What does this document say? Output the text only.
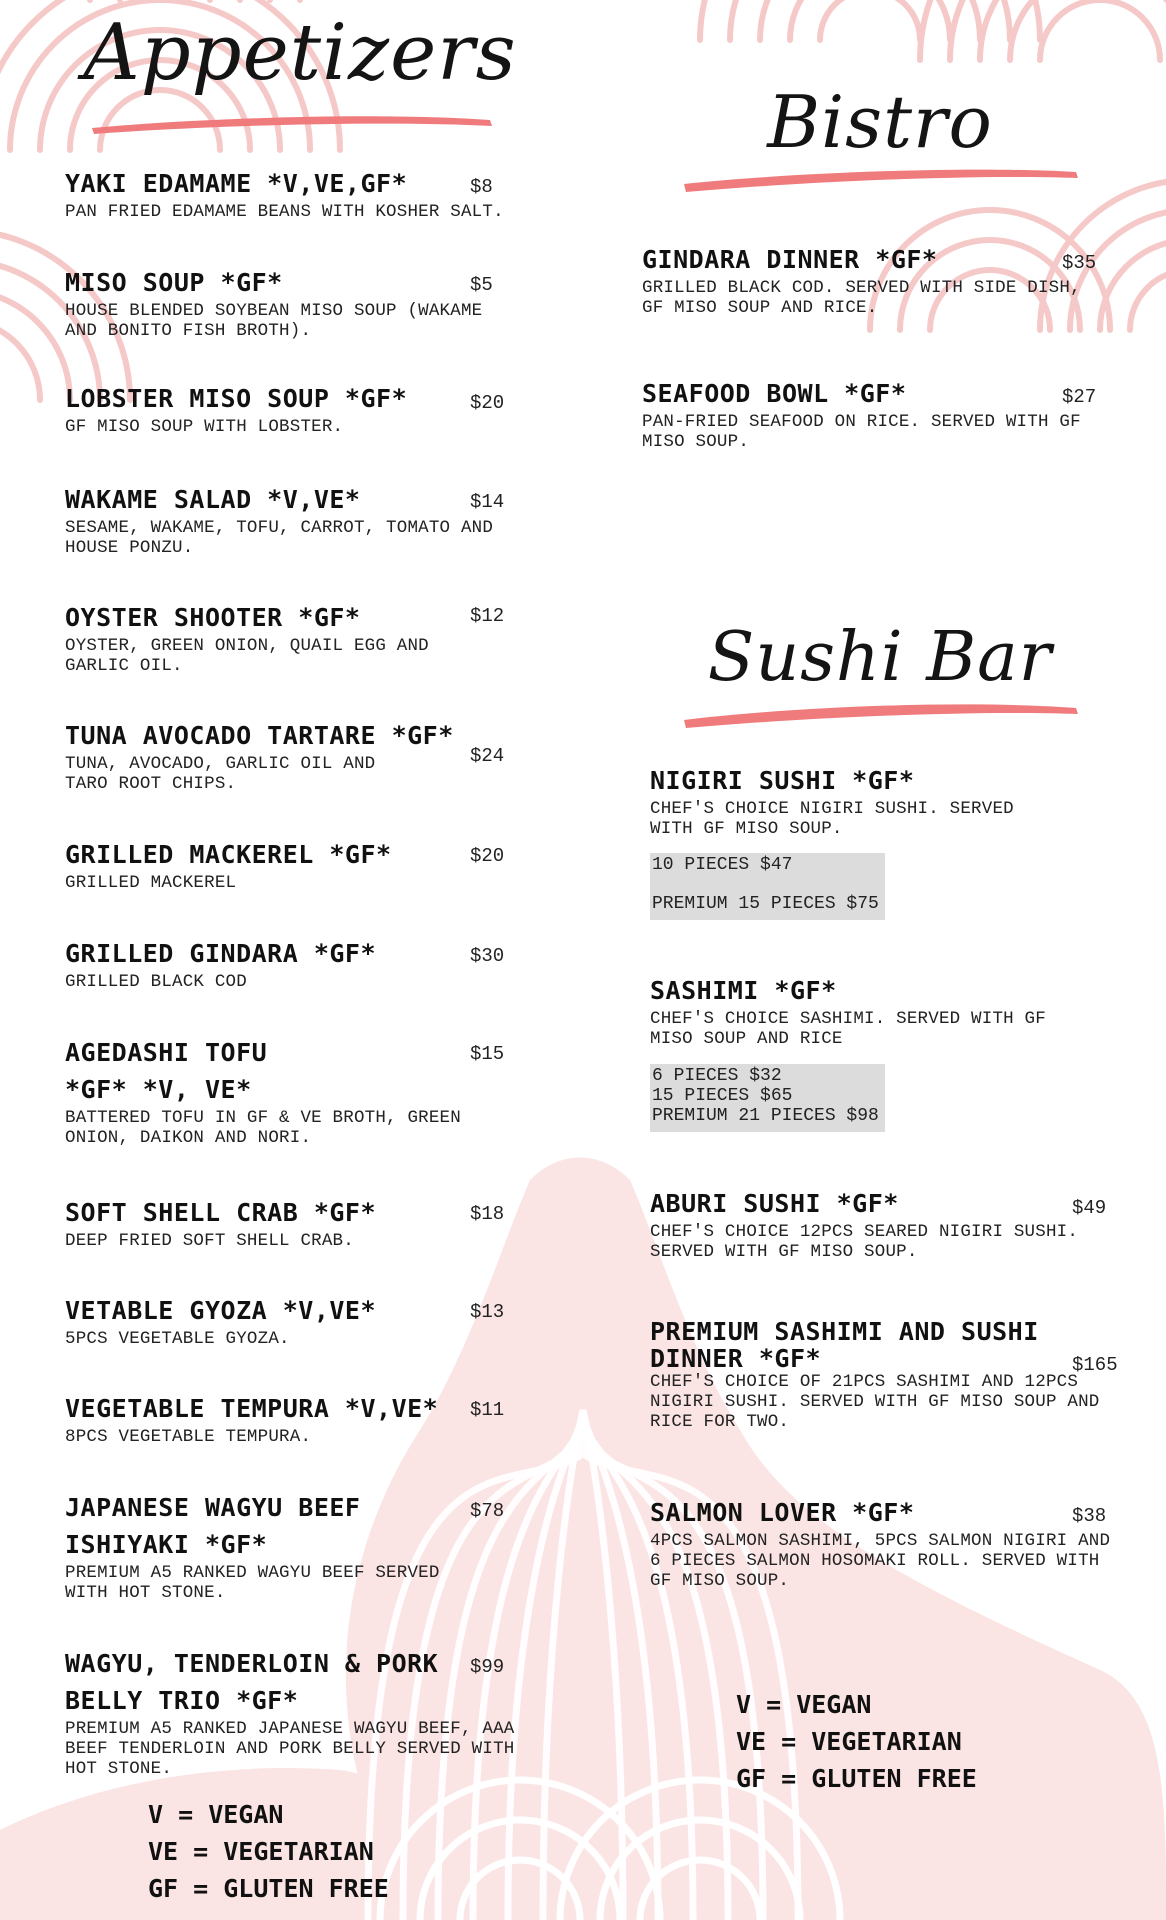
Appetizers
Bistro
Sushi Bar
YAKI EDAMAME *V,VE,GF*
PAN FRIED EDAMAME BEANS WITH KOSHER SALT.
$8
MISO SOUP *GF*
HOUSE BLENDED SOYBEAN MISO SOUP (WAKAME
AND BONITO FISH BROTH).
$5
LOBSTER MISO SOUP *GF*
GF MISO SOUP WITH LOBSTER.
$20
WAKAME SALAD *V,VE*
SESAME, WAKAME, TOFU, CARROT, TOMATO AND
HOUSE PONZU.
$14
OYSTER SHOOTER *GF*
OYSTER, GREEN ONION, QUAIL EGG AND
GARLIC OIL.
$12
TUNA AVOCADO TARTARE *GF*
TUNA, AVOCADO, GARLIC OIL AND
TARO ROOT CHIPS.
$24
GRILLED MACKEREL *GF*
GRILLED MACKEREL
$20
GRILLED GINDARA *GF*
GRILLED BLACK COD
$30
AGEDASHI TOFU
*GF* *V, VE*
BATTERED TOFU IN GF & VE BROTH, GREEN
ONION, DAIKON AND NORI.
$15
SOFT SHELL CRAB *GF*
DEEP FRIED SOFT SHELL CRAB.
$18
VETABLE GYOZA *V,VE*
5PCS VEGETABLE GYOZA.
$13
VEGETABLE TEMPURA *V,VE*
8PCS VEGETABLE TEMPURA.
$11
JAPANESE WAGYU BEEF
ISHIYAKI *GF*
PREMIUM A5 RANKED WAGYU BEEF SERVED
WITH HOT STONE.
$78
WAGYU, TENDERLOIN & PORK
BELLY TRIO *GF*
PREMIUM A5 RANKED JAPANESE WAGYU BEEF, AAA
BEEF TENDERLOIN AND PORK BELLY SERVED WITH
HOT STONE.
$99
GINDARA DINNER *GF*
GRILLED BLACK COD. SERVED WITH SIDE DISH,
GF MISO SOUP AND RICE.
$35
SEAFOOD BOWL *GF*
PAN-FRIED SEAFOOD ON RICE. SERVED WITH GF
MISO SOUP.
$27
NIGIRI SUSHI *GF*
CHEF'S CHOICE NIGIRI SUSHI. SERVED
WITH GF MISO SOUP.
10 PIECES $47
PREMIUM 15 PIECES $75
SASHIMI *GF*
CHEF'S CHOICE SASHIMI. SERVED WITH GF
MISO SOUP AND RICE
6 PIECES $32
15 PIECES $65
PREMIUM 21 PIECES $98
ABURI SUSHI *GF*
CHEF'S CHOICE 12PCS SEARED NIGIRI SUSHI.
SERVED WITH GF MISO SOUP.
$49
PREMIUM SASHIMI AND SUSHI
DINNER *GF*
CHEF'S CHOICE OF 21PCS SASHIMI AND 12PCS
NIGIRI SUSHI. SERVED WITH GF MISO SOUP AND
RICE FOR TWO.
$165
SALMON LOVER *GF*
4PCS SALMON SASHIMI, 5PCS SALMON NIGIRI AND
6 PIECES SALMON HOSOMAKI ROLL. SERVED WITH
GF MISO SOUP.
$38
V = VEGAN
VE = VEGETARIAN
GF = GLUTEN FREE
V = VEGAN
VE = VEGETARIAN
GF = GLUTEN FREE
